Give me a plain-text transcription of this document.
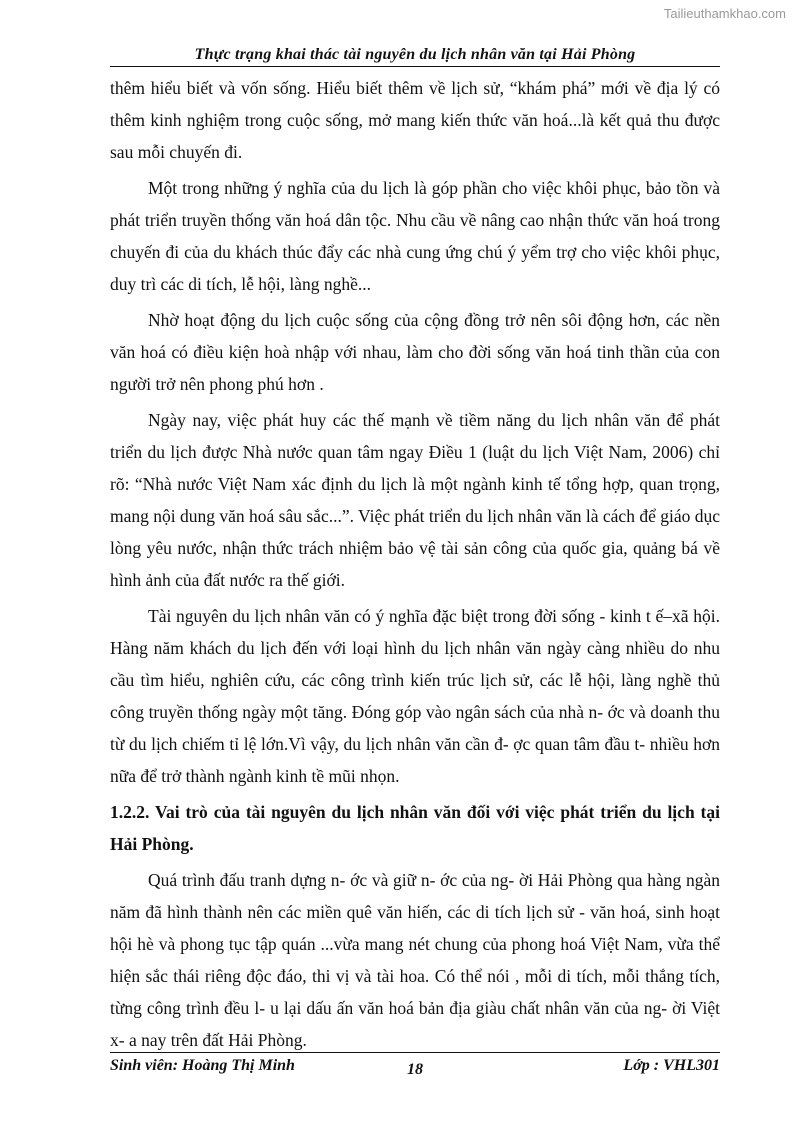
Tailieuthamkhao.com
Thực trạng khai thác tài nguyên du lịch nhân văn tại Hải Phòng

thêm hiểu biết và vốn sống. Hiểu biết thêm về lịch sử, “khám phá” mới về địa lý có thêm kinh nghiệm trong cuộc sống, mở mang kiến thức văn hoá...là kết quả thu được sau mỗi chuyến đi.

Một trong những ý nghĩa của du lịch là góp phần cho việc khôi phục, bảo tồn và phát triển truyền thống văn hoá dân tộc. Nhu cầu về nâng cao nhận thức văn hoá trong chuyến đi của du khách thúc đẩy các nhà cung ứng chú ý yểm trợ cho việc khôi phục, duy trì các di tích, lễ hội, làng nghề...

Nhờ hoạt động du lịch cuộc sống của cộng đồng trở nên sôi động hơn, các nền văn hoá có điều kiện hoà nhập với nhau, làm cho đời sống văn hoá tinh thần của con người trở nên phong phú hơn .

Ngày nay, việc phát huy các thế mạnh về tiềm năng du lịch nhân văn để phát triển du lịch được Nhà nước quan tâm ngay Điều 1 (luật du lịch Việt Nam, 2006) chỉ rõ: “Nhà nước Việt Nam xác định du lịch là một ngành kinh tế tổng hợp, quan trọng, mang nội dung văn hoá sâu sắc...”. Việc phát triển du lịch nhân văn là cách để giáo dục lòng yêu nước, nhận thức trách nhiệm bảo vệ tài sản công của quốc gia, quảng bá về hình ảnh của đất nước ra thế giới.

Tài nguyên du lịch nhân văn có ý nghĩa đặc biệt trong đời sống - kinh t ế–xã hội. Hàng năm khách du lịch đến với loại hình du lịch nhân văn ngày càng nhiều do nhu cầu tìm hiểu, nghiên cứu, các công trình kiến trúc lịch sử, các lễ hội, làng nghề thủ công truyền thống ngày một tăng. Đóng góp vào ngân sách của nhà n- ớc và doanh thu từ du lịch chiếm tỉ lệ lớn.Vì vậy, du lịch nhân văn cần đ- ợc quan tâm đầu t- nhiều hơn nữa để trở thành ngành kinh tề mũi nhọn.

1.2.2. Vai trò của tài nguyên du lịch nhân văn đối với việc phát triển du lịch tại Hải Phòng.

Quá trình đấu tranh dựng n- ớc và giữ n- ớc của ng- ời Hải Phòng qua hàng ngàn năm đã hình thành nên các miền quê văn hiến, các di tích lịch sử - văn hoá, sinh hoạt hội hè và phong tục tập quán ...vừa mang nét chung của phong hoá Việt Nam, vừa thể hiện sắc thái riêng độc đáo, thi vị và tài hoa. Có thể nói , mỗi di tích, mỗi thắng tích, từng công trình đều l- u lại dấu ấn văn hoá bản địa giàu chất nhân văn của ng- ời Việt x- a nay trên đất Hải Phòng.

Sinh viên: Hoàng Thị Minh	18	Lớp : VHL301
